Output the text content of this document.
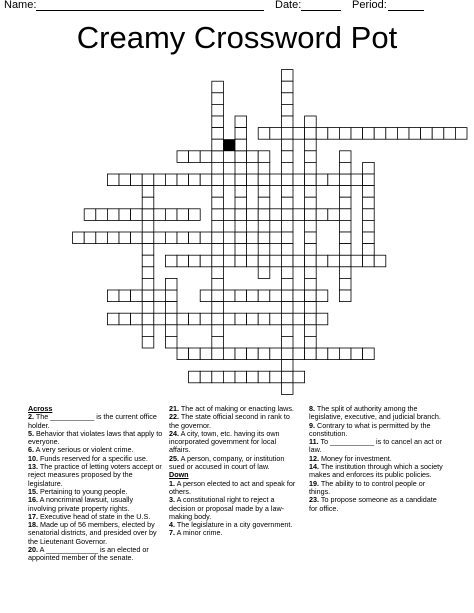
Name:	Date:	Period:
Creamy Crossword Pot
Across
2. The ___________ is the current office holder.
5. Behavior that violates laws that apply to everyone.
6. A very serious or violent crime.
10. Funds reserved for a specific use.
13. The practice of letting voters accept or reject measures proposed by the legislature.
15. Pertaining to young people.
16. A noncriminal lawsuit, usually involving private property rights.
17. Executive head of state in the U.S.
18. Made up of 56 members, elected by senatorial districts, and presided over by the Lieutenant Governor.
20. A _____________ is an elected or appointed member of the senate.
21. The act of making or enacting laws.
22. The state official second in rank to the governor.
24. A city, town, etc. having its own incorporated government for local affairs.
25. A person, company, or institution sued or accused in court of law.
Down
1. A person elected to act and speak for others.
3. A constitutional right to reject a decision or proposal made by a law-making body.
4. The legislature in a city government.
7. A minor crime.
8. The split of authority among the legislative, executive, and judicial branch.
9. Contrary to what is permitted by the constitution.
11. To ___________ is to cancel an act or law.
12. Money for investment.
14. The institution through which a society makes and enforces its public policies.
19. The ability to to control people or things.
23. To propose someone as a candidate for office.
